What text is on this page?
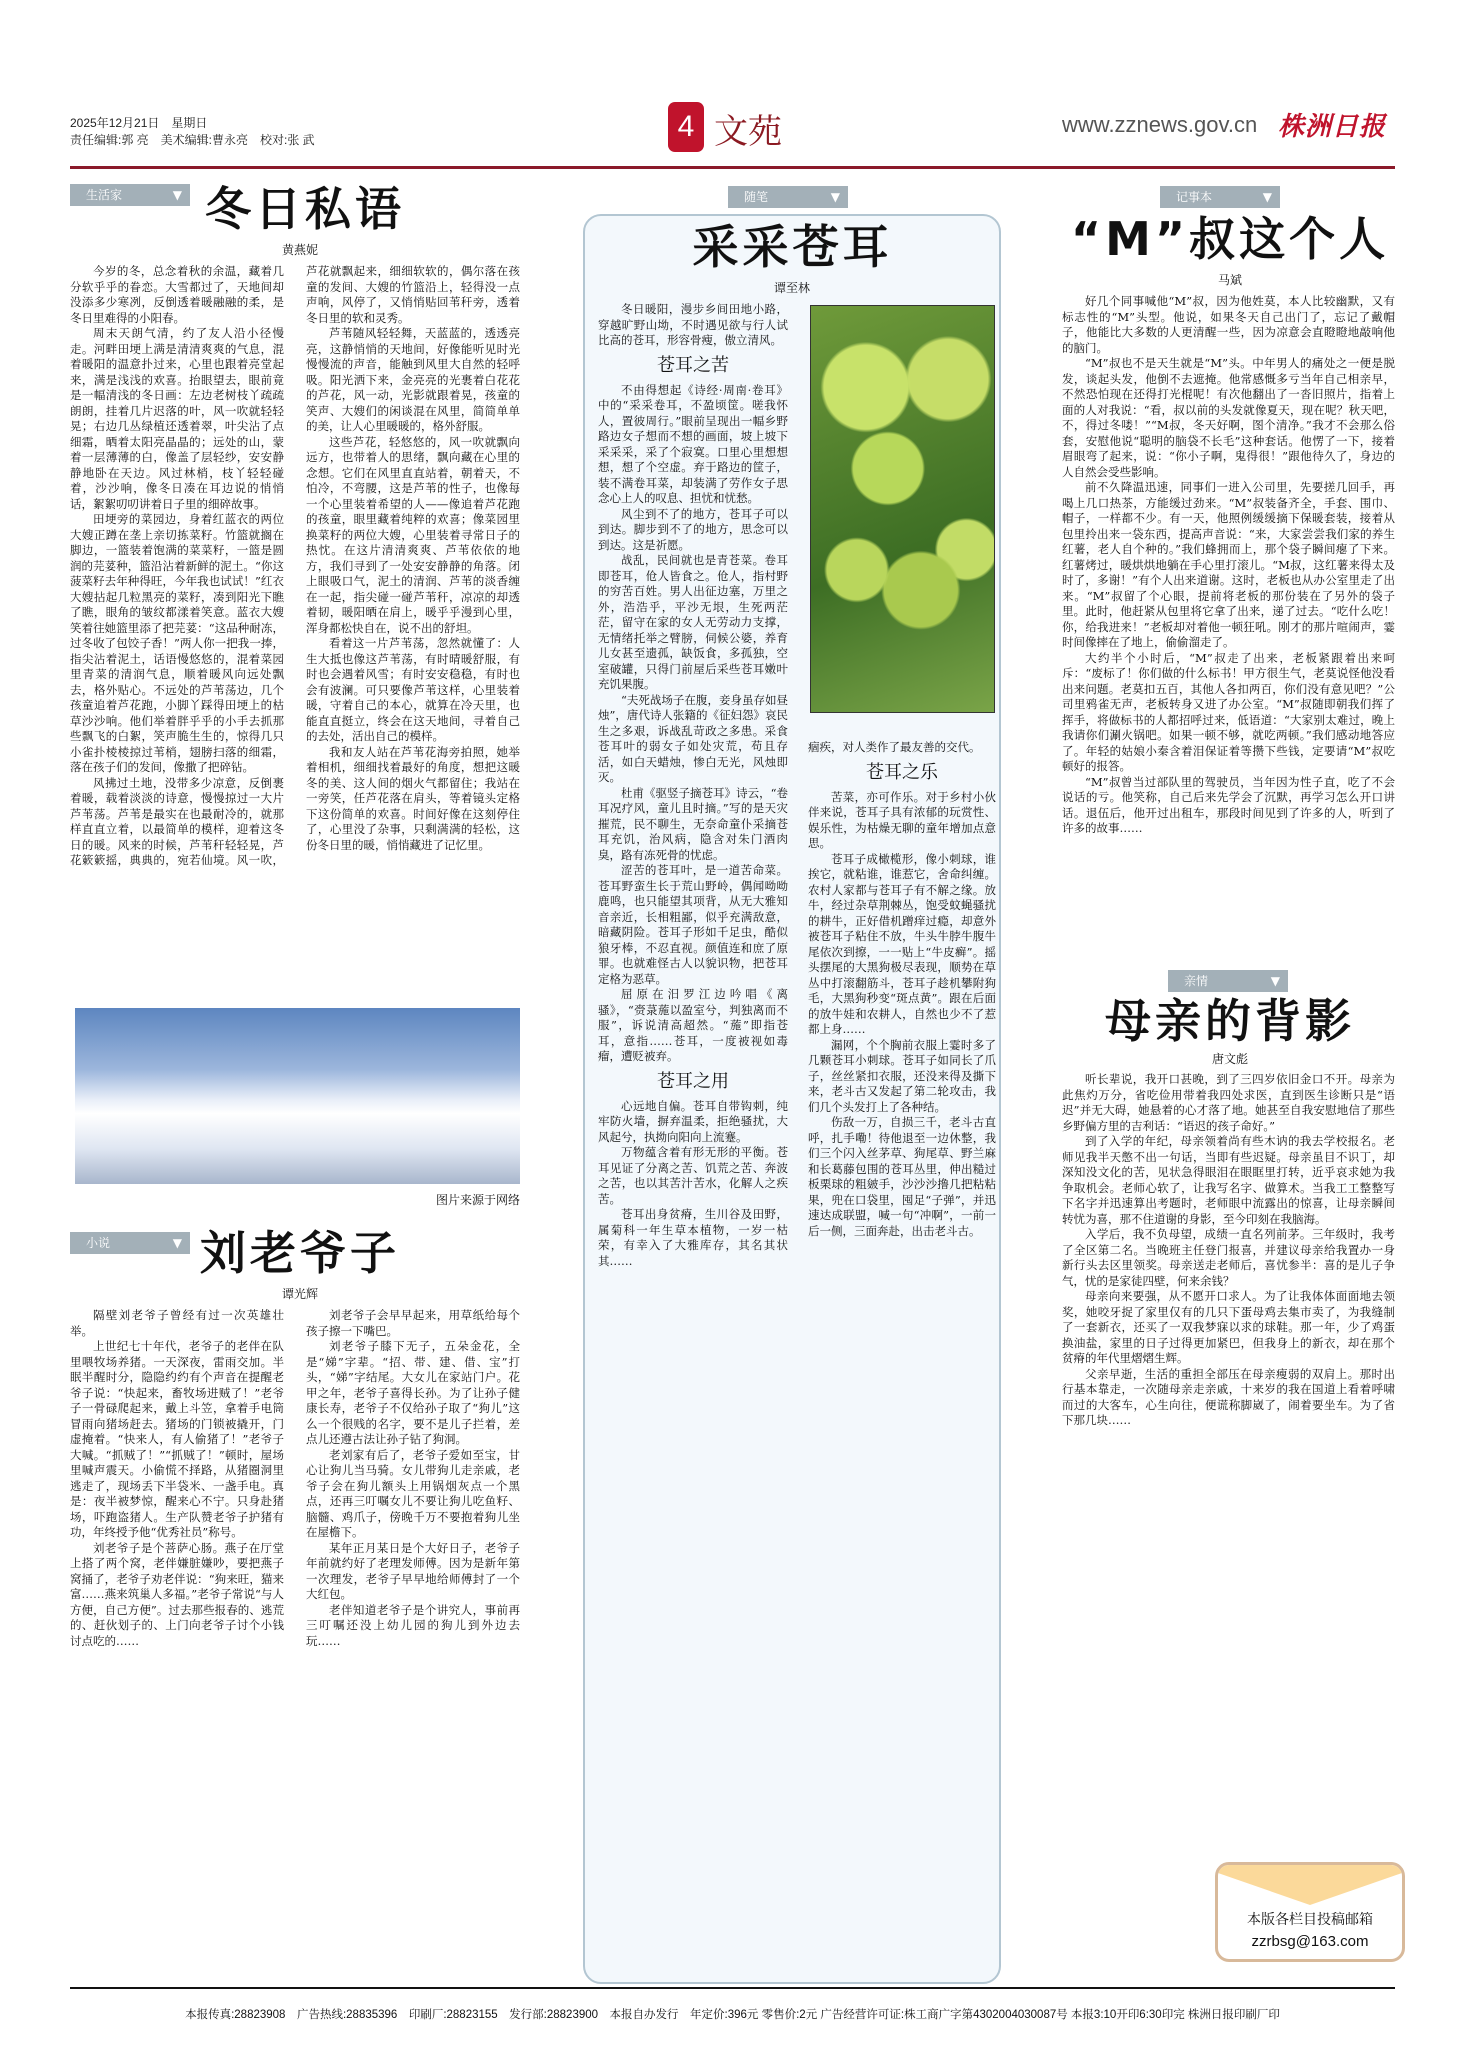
2025年12月21日　星期日
责任编辑:郭 亮　美术编辑:曹永亮　校对:张 武	4 文苑	www.zznews.gov.cn 株洲日报
生活家 ▼	冬日私语
黄燕妮

今岁的冬，总念着秋的余温，藏着几分软乎乎的眷恋。大雪都过了，天地间却没添多少寒冽，反倒透着暖融融的柔，是冬日里难得的小阳春。

周末天朗气清，约了友人沿小径慢走。河畔田埂上满是清清爽爽的气息，混着暖阳的温意扑过来，心里也跟着亮堂起来，满是浅浅的欢喜。抬眼望去，眼前竟是一幅清浅的冬日画：左边老树枝丫疏疏朗朗，挂着几片迟落的叶，风一吹就轻轻晃；右边几丛绿植还透着翠，叶尖沾了点细霜，晒着太阳亮晶晶的；远处的山，蒙着一层薄薄的白，像盖了层轻纱，安安静静地卧在天边。风过林梢，枝丫轻轻碰着，沙沙响，像冬日凑在耳边说的悄悄话，絮絮叨叨讲着日子里的细碎故事。

田埂旁的菜园边，身着红蓝衣的两位大嫂正蹲在垄上亲切拣菜籽。竹篮就搁在脚边，一篮装着饱满的菜菜籽，一篮是圆润的芫荽种，篮沿沾着新鲜的泥土。“你这菠菜籽去年种得旺，今年我也试试！”红衣大嫂拈起几粒黑亮的菜籽，凑到阳光下瞧了瞧，眼角的皱纹都漾着笑意。蓝衣大嫂笑着往她篮里添了把芫荽：“这品种耐冻，过冬收了包饺子香！”两人你一把我一捧，指尖沾着泥土，话语慢悠悠的，混着菜园里青菜的清润气息，顺着暖风向远处飘去，格外贴心。不远处的芦苇荡边，几个孩童追着芦花跑，小脚丫踩得田埂上的枯草沙沙响。他们举着胖乎乎的小手去抓那些飘飞的白絮，笑声脆生生的，惊得几只小雀扑棱棱掠过苇梢，翅膀扫落的细霜，落在孩子们的发间，像撒了把碎钻。

风拂过土地，没带多少凉意，反倒裹着暖，载着淡淡的诗意，慢慢掠过一大片芦苇荡。芦苇是最实在也最耐冷的，就那样直直立着，以最简单的模样，迎着这冬日的暖。风来的时候，芦苇秆轻轻晃，芦花簌簌摇，典典的，宛若仙境。风一吹，芦花就飘起来，细细软软的，偶尔落在孩童的发间、大嫂的竹篮沿上，轻得没一点声响，风停了，又悄悄贴回苇秆旁，透着冬日里的软和灵秀。

芦苇随风轻轻舞，天蓝蓝的，透透亮亮，这静悄悄的天地间，好像能听见时光慢慢流的声音，能触到风里大自然的轻呼吸。阳光洒下来，金亮亮的光裹着白花花的芦花，风一动，光影就跟着晃，孩童的笑声、大嫂们的闲谈混在风里，简简单单的美，让人心里暖暖的，格外舒服。

这些芦花，轻悠悠的，风一吹就飘向远方，也带着人的思绪，飘向藏在心里的念想。它们在风里直直站着，朝着天，不怕冷，不弯腰，这是芦苇的性子，也像每一个心里装着希望的人——像追着芦花跑的孩童，眼里藏着纯粹的欢喜；像菜园里换菜籽的两位大嫂，心里装着寻常日子的热忱。在这片清清爽爽、芦苇依依的地方，我们寻到了一处安安静静的角落。闭上眼吸口气，泥土的清润、芦苇的淡香缠在一起，指尖碰一碰芦苇秆，凉凉的却透着韧，暖阳晒在肩上，暖乎乎漫到心里，浑身都松快自在，说不出的舒坦。

看着这一片芦苇荡，忽然就懂了：人生大抵也像这芦苇荡，有时晴暖舒服，有时也会遇着风雪；有时安安稳稳，有时也会有波澜。可只要像芦苇这样，心里装着暖，守着自己的本心，就算在冷天里，也能直直挺立，终会在这天地间，寻着自己的去处，活出自己的模样。

我和友人站在芦苇花海旁拍照，她举着相机，细细找着最好的角度，想把这暖冬的美、这人间的烟火气都留住；我站在一旁笑，任芦花落在肩头，等着镜头定格下这份简单的欢喜。时间好像在这刻停住了，心里没了杂事，只剩满满的轻松，这份冬日里的暖，悄悄藏进了记忆里。

图片来源于网络
小说 ▼	刘老爷子
谭光辉

隔壁刘老爷子曾经有过一次英雄壮举。

上世纪七十年代，老爷子的老伴在队里喂牧场养猪。一天深夜，雷雨交加。半眠半醒时分，隐隐约约有个声音在提醒老爷子说：“快起来，畜牧场进贼了！”老爷子一骨碌爬起来，戴上斗笠，拿着手电筒冒雨向猪场赶去。猪场的门锁被撬开，门虚掩着。“快来人，有人偷猪了！”老爷子大喊。“抓贼了！”“抓贼了！”顿时，屋场里喊声震天。小偷慌不择路，从猪圈洞里逃走了，现场丢下半袋米、一盏手电。真是：夜半被梦惊，醒来心不宁。只身赴猪场，吓跑盗猪人。生产队赞老爷子护猪有功，年终授予他“优秀社员”称号。

刘老爷子是个菩萨心肠。燕子在厅堂上搭了两个窝，老伴嫌脏嫌吵，要把燕子窝捅了，老爷子劝老伴说：“狗来旺，猫来富……燕来筑巢人多福。”老爷子常说“与人方便，自己方便”。过去那些报春的、逃荒的、赶伙划子的、上门向老爷子讨个小钱讨点吃的……

刘老爷子会早早起来，用草纸给每个孩子擦一下嘴巴。

刘老爷子膝下无子，五朵金花，全是“娣”字辈。“招、带、建、借、宝”打头，“娣”字结尾。大女儿在家站门户。花甲之年，老爷子喜得长孙。为了让孙子健康长寿，老爷子不仅给孙子取了“狗儿”这么一个很贱的名字，要不是儿子拦着，差点儿还遵古法让孙子钻了狗洞。

老刘家有后了，老爷子爱如至宝，甘心让狗儿当马骑。女儿带狗儿走亲戚，老爷子会在狗儿额头上用锅烟灰点一个黑点，还再三叮嘱女儿不要让狗儿吃鱼籽、脑髓、鸡爪子，傍晚千万不要抱着狗儿坐在屋檐下。

某年正月某日是个大好日子，老爷子年前就约好了老理发师傅。因为是新年第一次理发，老爷子早早地给师傅封了一个大红包。

老伴知道老爷子是个讲究人，事前再三叮嘱还没上幼儿园的狗儿到外边去玩……

随笔 ▼
采采苍耳
谭至林

冬日暖阳，漫步乡间田地小路，穿越旷野山坳，不时遇见欲与行人试比高的苍耳，形容骨瘦，傲立清风。

苍耳之苦

不由得想起《诗经·周南·卷耳》中的“采采卷耳，不盈顷筐。嗟我怀人，置彼周行。”眼前呈现出一幅乡野路边女子想而不想的画面，坡上坡下采采采，采了个寂寞。口里心里想想想，想了个空虚。弃于路边的筐子，装不满卷耳菜，却装满了劳作女子思念心上人的叹息、担忧和忧愁。

风尘到不了的地方，苍耳子可以到达。脚步到不了的地方，思念可以到达。这是祈愿。

战乱，民间就也是青苍菜。卷耳即苍耳，伧人皆食之。伧人，指村野的穷苦百姓。男人出征边塞，万里之外，浩浩乎，平沙无垠，生死两茫茫，留守在家的女人无劳动力支撑，无情绪托举之臂膀，伺候公婆，养育儿女甚至遗孤，缺饭食，多孤独，空室破罐，只得门前屋后采些苍耳嫩叶充饥果腹。

“夫死战场子在腹，妾身虽存如昼烛”，唐代诗人张籍的《征妇怨》哀民生之多艰，诉战乱苛政之多患。采食苍耳叶的弱女子如处灾荒，苟且存活，如白天蜡烛，惨白无光，风烛即灭。

杜甫《驱竖子摘苍耳》诗云，“卷耳况疗风，童儿且时摘。”写的是天灾摧荒，民不聊生，无奈命童仆采摘苍耳充饥，治风病，隐含对朱门酒肉臭，路有冻死骨的忧虑。

涩苦的苍耳叶，是一道苦命菜。苍耳野蛮生长于荒山野岭，偶闻呦呦鹿鸣，也只能望其项背，从无大雅知音亲近，长相粗鄙，似乎充满敌意，暗藏阴险。苍耳子形如千足虫，酷似狼牙棒，不忍直视。颜值连和庶了原罪。也就难怪古人以貌识物，把苍耳定格为恶草。

屈原在汨罗江边吟唱《离骚》，“赍菉葹以盈室兮，判独离而不服”，诉说清高超然。“葹”即指苍耳，意指……苍耳，一度被视如毒瘤，遭贬被弃。

苍耳之用

心远地自偏。苍耳自带钩刺，纯牢防火墙，摒弃温柔，拒绝骚扰，大风起兮，执拗向阳向上流蹇。

万物蕴含着有形无形的平衡。苍耳见证了分离之苦、饥荒之苦、奔波之苦，也以其苦汁苦水，化解人之疾苦。

苍耳出身贫瘠，生川谷及田野，属菊科一年生草本植物，一岁一枯荣，有幸入了大雅库存，其名其状其……

痼疾，对人类作了最友善的交代。

苍耳之乐

苦菜，亦可作乐。对于乡村小伙伴来说，苍耳子具有浓郁的玩赏性、娱乐性，为枯燥无聊的童年增加点意思。

苍耳子成橄榄形，像小刺球，谁挨它，就粘谁，谁惹它，舍命纠缠。农村人家都与苍耳子有不解之缘。放牛，经过杂草荆棘丛，饱受蚊蝇骚扰的耕牛，正好借机蹭痒过瘾，却意外被苍耳子粘住不放，牛头牛脖牛腹牛尾依次到擦，一一贴上“牛皮癣”。摇头摆尾的大黑狗极尽表现，顺势在草丛中打滚翻筋斗，苍耳子趁机攀附狗毛，大黑狗秒变“斑点黄”。跟在后面的放牛娃和农耕人，自然也少不了惹都上身……

漏网，个个胸前衣服上霎时多了几颗苍耳小刺球。苍耳子如同长了爪子，丝丝紧扣衣服，还没来得及撕下来，老斗古又发起了第二轮攻击，我们几个头发打上了各种结。

伤敌一万，自损三千，老斗古直呼，扎手嘞！待他退至一边休整，我们三个闪入丝茅草、狗尾草、野兰麻和长葛藤包围的苍耳丛里，伸出糙过板栗球的粗皴手，沙沙沙撸几把粘粘果，兜在口袋里，囤足“子弹”，并迅速达成联盟，喊一句“冲啊”，一前一后一侧，三面奔赴，出击老斗古。

记事本 ▼
“M”叔这个人
马斌

好几个同事喊他“M”叔，因为他姓莫，本人比较幽默，又有标志性的“M”头型。他说，如果冬天自己出门了，忘记了戴帽子，他能比大多数的人更清醒一些，因为凉意会直瞪瞪地敲响他的脑门。

“M”叔也不是天生就是“M”头。中年男人的痛处之一便是脱发，谈起头发，他倒不去遮掩。他常感慨多亏当年自己相亲早，不然恐怕现在还得打光棍呢！有次他翻出了一沓旧照片，指着上面的人对我说：“看，叔以前的头发就像夏天，现在呢？秋天吧，不，得过冬喽！”“M叔，冬天好啊，图个清净。”我才不会那么俗套，安慰他说“聪明的脑袋不长毛”这种套话。他愣了一下，接着眉眼弯了起来，说：“你小子啊，鬼得很！”跟他待久了，身边的人自然会受些影响。

前不久降温迅速，同事们一进入公司里，先要搓几回手，再喝上几口热茶，方能缓过劲来。“M”叔装备齐全，手套、围巾、帽子，一样都不少。有一天，他照例缓缓摘下保暖套装，接着从包里拎出来一袋东西，提高声音说：“来，大家尝尝我们家的养生红薯，老人自个种的。”我们蜂拥而上，那个袋子瞬间瘪了下来。红薯烤过，暖烘烘地躺在手心里打滚儿。“M叔，这红薯来得太及时了，多谢！”有个人出来道谢。这时，老板也从办公室里走了出来。“M”叔留了个心眼，提前将老板的那份装在了另外的袋子里。此时，他赶紧从包里将它拿了出来，递了过去。“吃什么吃！你，给我进来！”老板却对着他一顿狂吼。刚才的那片喧闹声，霎时间像摔在了地上，偷偷溜走了。

大约半个小时后，“M”叔走了出来，老板紧跟着出来呵斥：“废标了！你们做的什么标书！甲方很生气，老莫说怪他没看出来问题。老莫扣五百，其他人各扣两百，你们没有意见吧？”公司里鸦雀无声，老板转身又进了办公室。“M”叔随即朝我们挥了挥手，将做标书的人都招呼过来，低语道：“大家别太难过，晚上我请你们涮火锅吧。如果一顿不够，就吃两顿。”我们感动地答应了。年轻的姑娘小秦含着泪保证着等攒下些钱，定要请“M”叔吃顿好的报答。

“M”叔曾当过部队里的驾驶员，当年因为性子直，吃了不会说话的亏。他笑称，自己后来先学会了沉默，再学习怎么开口讲话。退伍后，他开过出租车，那段时间见到了许多的人，听到了许多的故事……

亲情 ▼
母亲的背影
唐文彪

听长辈说，我开口甚晚，到了三四岁依旧金口不开。母亲为此焦灼万分，省吃俭用带着我四处求医，直到医生诊断只是“语迟”并无大碍，她悬着的心才落了地。她甚至自我安慰地信了那些乡野偏方里的吉利话：“语迟的孩子命好。”

到了入学的年纪，母亲领着尚有些木讷的我去学校报名。老师见我半天憋不出一句话，当即有些迟疑。母亲虽目不识丁，却深知没文化的苦，见状急得眼泪在眼眶里打转，近乎哀求她为我争取机会。老师心软了，让我写名字、做算术。当我工工整整写下名字并迅速算出考题时，老师眼中流露出的惊喜，让母亲瞬间转忧为喜，那不住道谢的身影，至今印刻在我脑海。

入学后，我不负母望，成绩一直名列前茅。三年级时，我考了全区第二名。当晚班主任登门报喜，并建议母亲给我置办一身新行头去区里领奖。母亲送走老师后，喜忧参半：喜的是儿子争气，忧的是家徒四壁，何来余钱？

母亲向来要强，从不愿开口求人。为了让我体体面面地去领奖，她咬牙捉了家里仅有的几只下蛋母鸡去集市卖了，为我缝制了一套新衣，还买了一双我梦寐以求的球鞋。那一年，少了鸡蛋换油盐，家里的日子过得更加紧巴，但我身上的新衣，却在那个贫瘠的年代里熠熠生辉。

父亲早逝，生活的重担全部压在母亲瘦弱的双肩上。那时出行基本靠走，一次随母亲走亲戚，十来岁的我在国道上看着呼啸而过的大客车，心生向往，便谎称脚崴了，闹着要坐车。为了省下那几块……

本版各栏目投稿邮箱
zzrbsg@163.com
本报传真:28823908　广告热线:28835396　印刷厂:28823155　发行部:28823900　本报自办发行　年定价:396元 零售价:2元 广告经营许可证:株工商广字第4302004030087号 本报3:10开印6:30印完 株洲日报印刷厂印
